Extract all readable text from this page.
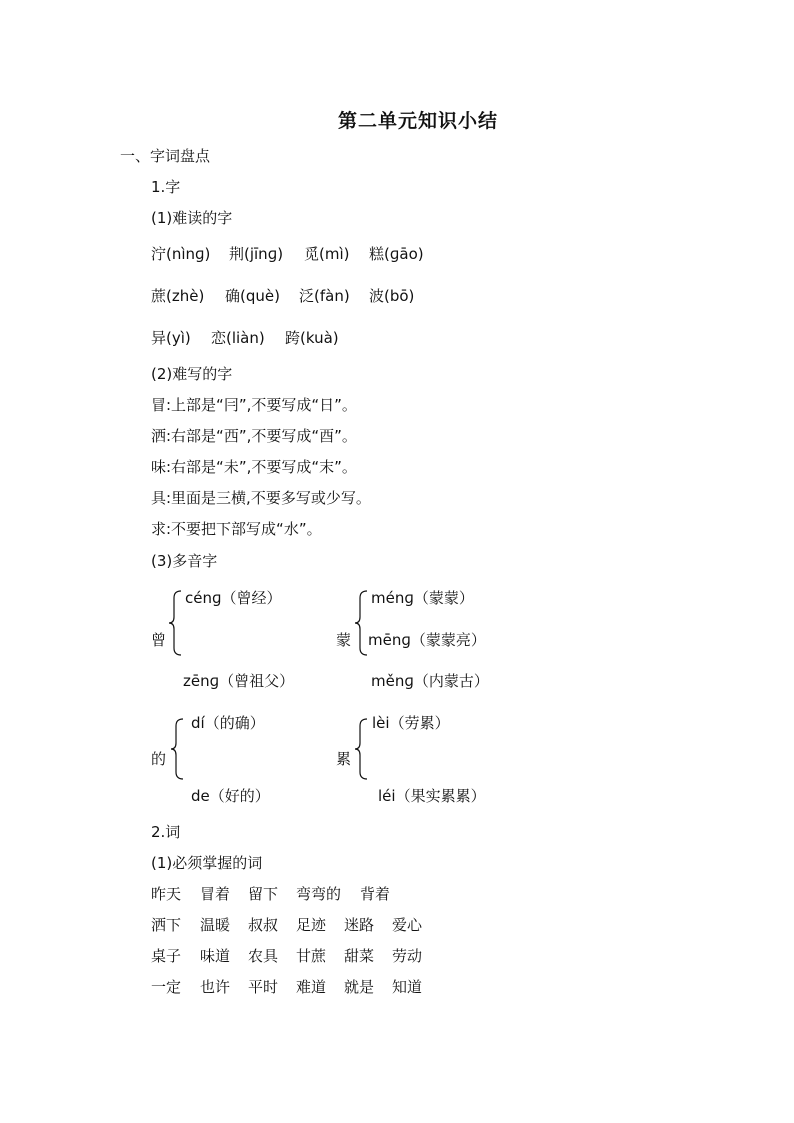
第二单元知识小结
一、字词盘点
1.字
(1)难读的字
泞(nìnɡ) 荆(jīnɡ) 觅(mì) 糕(ɡāo)
蔗(zhè) 确(què) 泛(fàn) 波(bō)
异(yì) 恋(liàn) 跨(kuà)
(2)难写的字
冒:上部是“冃”,不要写成“日”。
洒:右部是“西”,不要写成“酉”。
味:右部是“未”,不要写成“末”。
具:里面是三横,不要多写或少写。
求:不要把下部写成“水”。
(3)多音字
曾
cénɡ（曾经）
zēnɡ（曾祖父）
蒙
ménɡ（蒙蒙）
mēnɡ（蒙蒙亮）
měnɡ（内蒙古）
的
dí（的确）
de（好的）
累
lèi（劳累）
léi（果实累累）
2.词
(1)必须掌握的词
昨天 冒着 留下 弯弯的 背着
洒下 温暖 叔叔 足迹 迷路 爱心
桌子 味道 农具 甘蔗 甜菜 劳动
一定 也许 平时 难道 就是 知道
